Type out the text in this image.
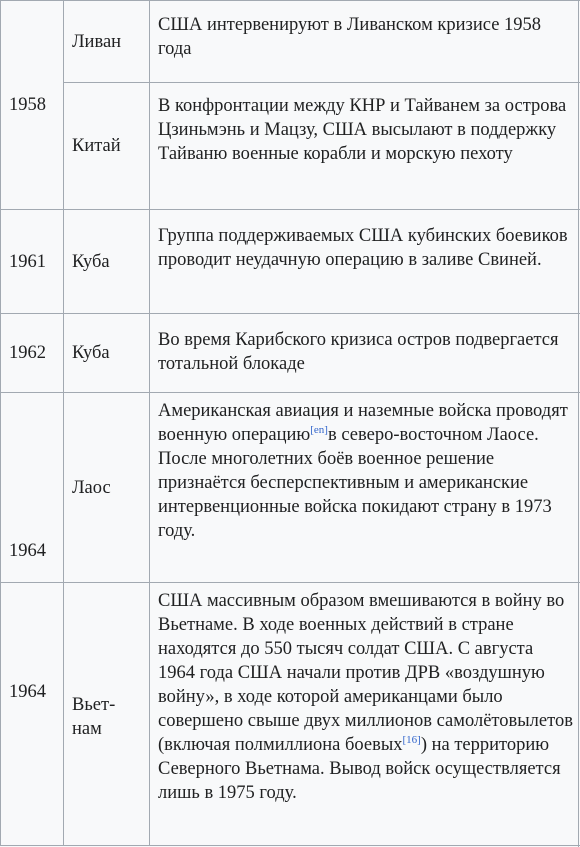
1958
Ливан
США интервенируют в Ливанском кризисе 1958 года
Китай
В конфронтации между КНР и Тайванем за острова Цзиньмэнь и Мацзу, США высылают в поддержку Тайваню военные корабли и морскую пехоту
1961 Куба
Группа поддерживаемых США кубинских боевиков проводит неудачную операцию в заливе Свиней.
1962 Куба
Во время Карибского кризиса остров подвергается тотальной блокаде
1964
Лаос
Американская авиация и наземные войска проводят военную операцию[en]в северо-восточном Лаосе. После многолетних боёв военное решение признаётся бесперспективным и американские интервенционные войска покидают страну в 1973 году.
1964
Вьет-нам
США массивным образом вмешиваются в войну во Вьетнаме. В ходе военных действий в стране находятся до 550 тысяч солдат США. С августа 1964 года США начали против ДРВ «воздушную войну», в ходе которой американцами было совершено свыше двух миллионов самолётовылетов (включая полмиллиона боевых[16]) на территорию Северного Вьетнама. Вывод войск осуществляется лишь в 1975 году.
